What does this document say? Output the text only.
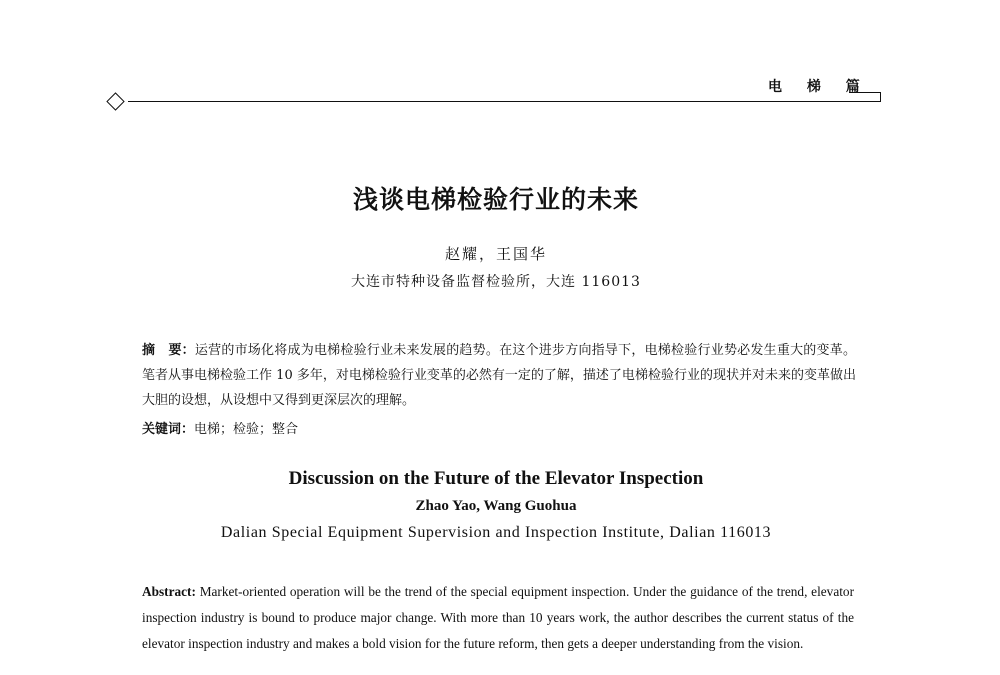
电 梯 篇
浅谈电梯检验行业的未来
赵耀，王国华
大连市特种设备监督检验所，大连 116013
摘　要：运营的市场化将成为电梯检验行业未来发展的趋势。在这个进步方向指导下，电梯检验行业势必发生重大的变革。笔者从事电梯检验工作 10 多年，对电梯检验行业变革的必然有一定的了解，描述了电梯检验行业的现状并对未来的变革做出大胆的设想，从设想中又得到更深层次的理解。
关键词：电梯；检验；整合
Discussion on the Future of the Elevator Inspection
Zhao Yao, Wang Guohua
Dalian Special Equipment Supervision and Inspection Institute, Dalian 116013
Abstract: Market-oriented operation will be the trend of the special equipment inspection. Under the guidance of the trend, elevator inspection industry is bound to produce major change. With more than 10 years work, the author describes the current status of the elevator inspection industry and makes a bold vision for the future reform, then gets a deeper understanding from the vision.
